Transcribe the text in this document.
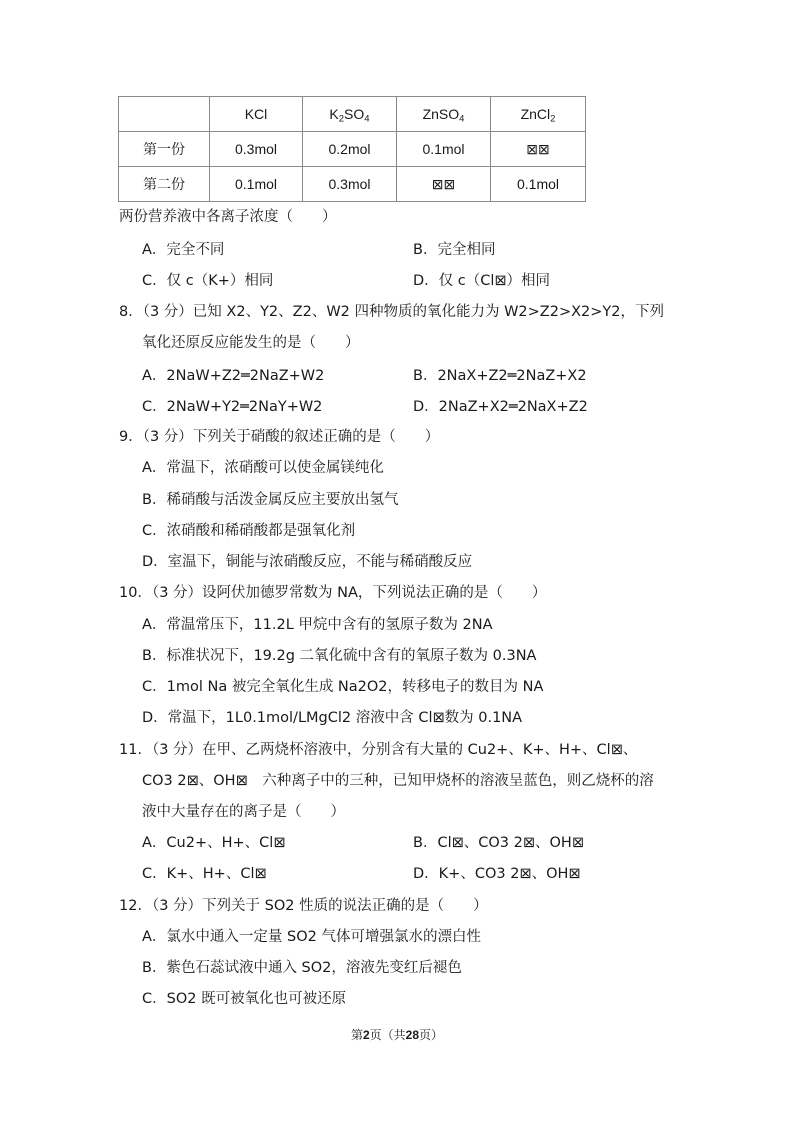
	KCl	$K_2SO_4$	ZnSO$_4$	ZnCl$_2$
第一份	0.3mol	0.2mol	0.1mol	⊠⊠
第二份	0.1mol	0.3mol	⊠⊠	0.1mol
两份营养液中各离子浓度（　　）
A．完全不同	B．完全相同
C．仅 c（K+）相同	D．仅 c（Cl⊠）相同
8．（3 分）已知 X2、Y2、Z2、W2 四种物质的氧化能力为 W2>Z2>X2>Y2，下列
氧化还原反应能发生的是（　　）
A．2NaW+Z2═2NaZ+W2	B．2NaX+Z2═2NaZ+X2
C．2NaW+Y2═2NaY+W2	D．2NaZ+X2═2NaX+Z2
9．（3 分）下列关于硝酸的叙述正确的是（　　）
A．常温下，浓硝酸可以使金属镁纯化
B．稀硝酸与活泼金属反应主要放出氢气
C．浓硝酸和稀硝酸都是强氧化剂
D．室温下，铜能与浓硝酸反应，不能与稀硝酸反应
10．（3 分）设阿伏加德罗常数为 NA，下列说法正确的是（　　）
A．常温常压下，11.2L 甲烷中含有的氢原子数为 2NA
B．标准状况下，19.2g 二氧化硫中含有的氧原子数为 0.3NA
C．1mol Na 被完全氧化生成 Na2O2，转移电子的数目为 NA
D．常温下，1L0.1mol/LMgCl2 溶液中含 Cl⊠数为 0.1NA
11．（3 分）在甲、乙两烧杯溶液中，分别含有大量的 Cu2+、K+、H+、Cl⊠、
CO3 2⊠、OH⊠　六种离子中的三种，已知甲烧杯的溶液呈蓝色，则乙烧杯的溶
液中大量存在的离子是（　　）
A．Cu2+、H+、Cl⊠	B．Cl⊠、CO3 2⊠、OH⊠
C．K+、H+、Cl⊠	D．K+、CO3 2⊠、OH⊠
12．（3 分）下列关于 SO2 性质的说法正确的是（　　）
A．氯水中通入一定量 SO2 气体可增强氯水的漂白性
B．紫色石蕊试液中通入 SO2，溶液先变红后褪色
C．SO2 既可被氧化也可被还原
第2页（共28页）
